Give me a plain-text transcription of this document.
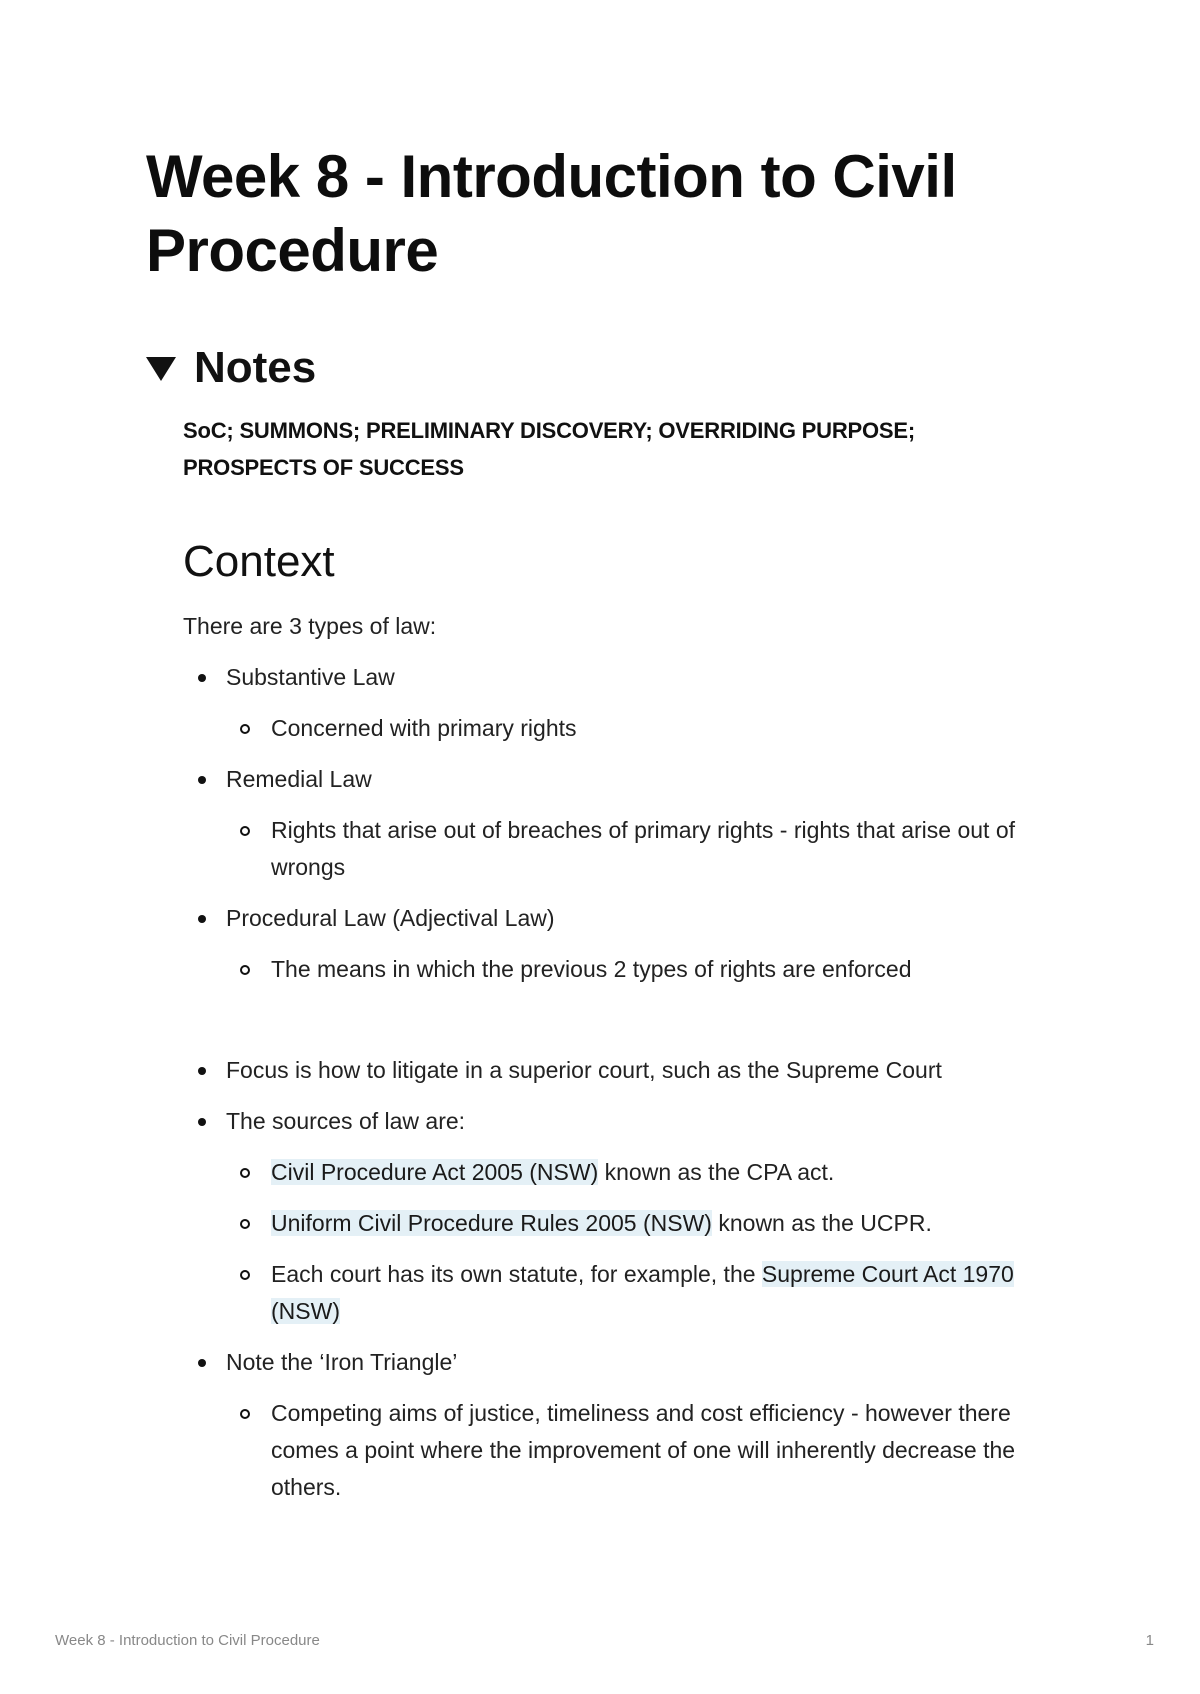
Week 8 - Introduction to Civil Procedure
Notes

SoC; SUMMONS; PRELIMINARY DISCOVERY; OVERRIDING PURPOSE;
PROSPECTS OF SUCCESS

Context

There are 3 types of law:

Substantive Law
Concerned with primary rights
Remedial Law
Rights that arise out of breaches of primary rights - rights that arise out of wrongs
Procedural Law (Adjectival Law)
The means in which the previous 2 types of rights are enforced
Focus is how to litigate in a superior court, such as the Supreme Court
The sources of law are:
Civil Procedure Act 2005 (NSW) known as the CPA act.
Uniform Civil Procedure Rules 2005 (NSW) known as the UCPR.
Each court has its own statute, for example, the Supreme Court Act 1970 (NSW)
Note the ‘Iron Triangle’
Competing aims of justice, timeliness and cost efficiency - however there comes a point where the improvement of one will inherently decrease the others.
Week 8 - Introduction to Civil Procedure	1
